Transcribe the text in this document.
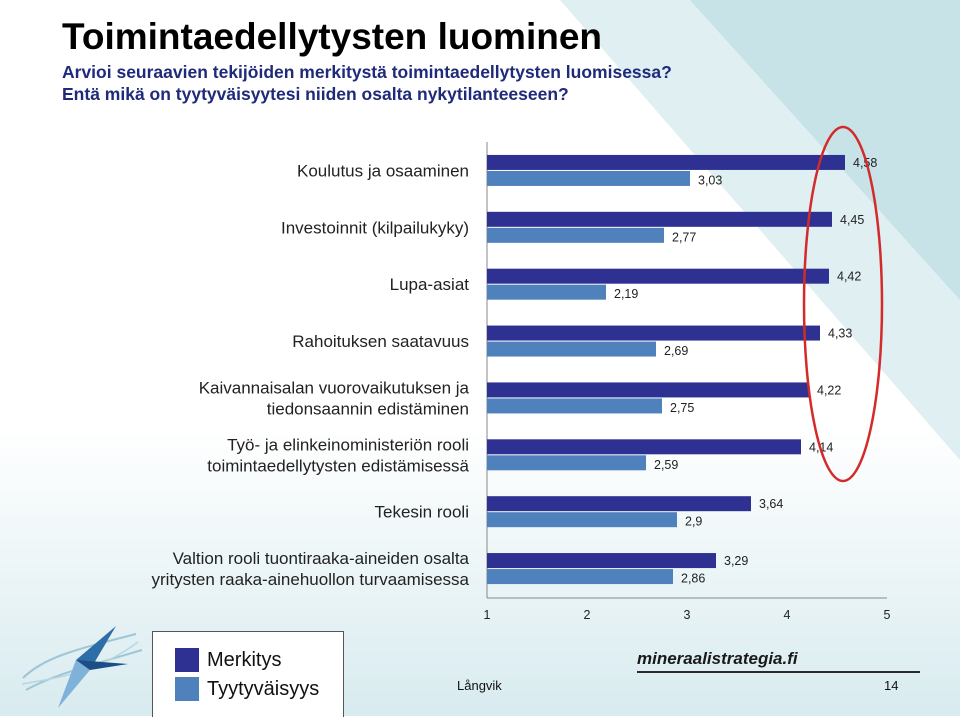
Toimintaedellytysten luominen
Arvioi seuraavien tekijöiden merkitystä toimintaedellytysten luomisessa?
Entä mikä on tyytyväisyytesi niiden osalta nykytilanteeseen?
4,58
3,03
Koulutus ja osaaminen
4,45
2,77
Investoinnit (kilpailukyky)
4,42
2,19
Lupa-asiat
4,33
2,69
Rahoituksen saatavuus
4,22
2,75
Kaivannaisalan vuorovaikutuksen ja
tiedonsaannin edistäminen
4,14
2,59
Työ- ja elinkeinoministeriön rooli
toimintaedellytysten edistämisessä
3,64
2,9
Tekesin rooli
3,29
2,86
Valtion rooli tuontiraaka-aineiden osalta
yritysten raaka-ainehuollon turvaamisessa
1	2	3	4	5
Merkitys
Tyytyväisyys
mineraalistrategia.fi
Långvik	14
